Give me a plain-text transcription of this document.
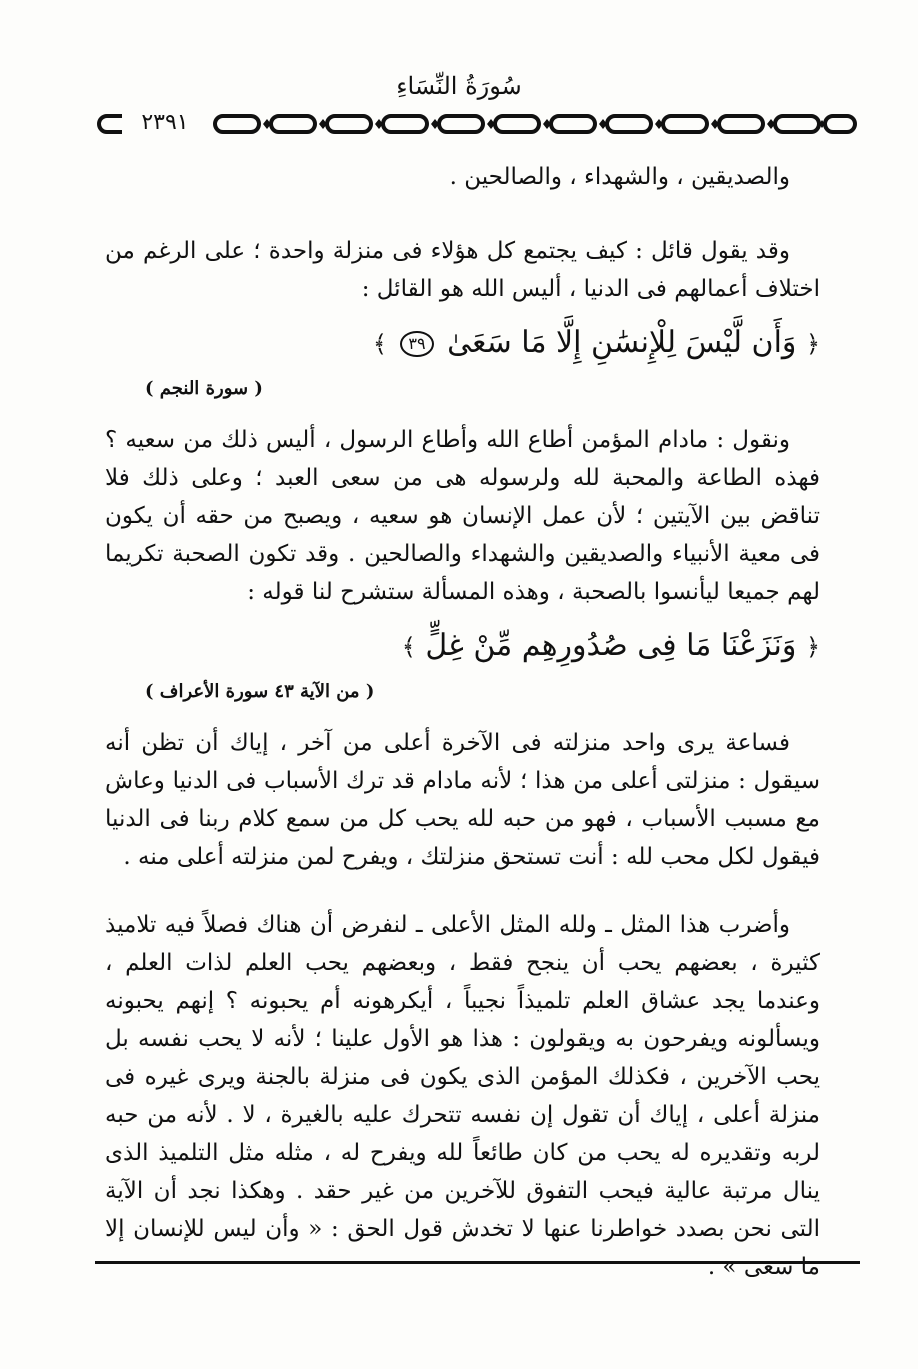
سُورَةُ النِّسَاءِ
٢٣٩١

والصديقين ، والشهداء ، والصالحين .

وقد يقول قائل : كيف يجتمع كل هؤلاء فى منزلة واحدة ؛ على الرغم من اختلاف أعمالهم فى الدنيا ، أليس الله هو القائل :

﴿ وَأَن لَّيْسَ لِلْإِنسَٰنِ إِلَّا مَا سَعَىٰ ٣٩ ﴾
( سورة النجم )

ونقول : مادام المؤمن أطاع الله وأطاع الرسول ، أليس ذلك من سعيه ؟ فهذه الطاعة والمحبة لله ولرسوله هى من سعى العبد ؛ وعلى ذلك فلا تناقض بين الآيتين ؛ لأن عمل الإنسان هو سعيه ، ويصبح من حقه أن يكون فى معية الأنبياء والصديقين والشهداء والصالحين . وقد تكون الصحبة تكريما لهم جميعا ليأنسوا بالصحبة ، وهذه المسألة ستشرح لنا قوله :

﴿ وَنَزَعْنَا مَا فِى صُدُورِهِم مِّنْ غِلٍّ ﴾
( من الآية ٤٣ سورة الأعراف )

فساعة يرى واحد منزلته فى الآخرة أعلى من آخر ، إياك أن تظن أنه سيقول : منزلتى أعلى من هذا ؛ لأنه مادام قد ترك الأسباب فى الدنيا وعاش مع مسبب الأسباب ، فهو من حبه لله يحب كل من سمع كلام ربنا فى الدنيا فيقول لكل محب لله : أنت تستحق منزلتك ، ويفرح لمن منزلته أعلى منه .

وأضرب هذا المثل ـ ولله المثل الأعلى ـ لنفرض أن هناك فصلاً فيه تلاميذ كثيرة ، بعضهم يحب أن ينجح فقط ، وبعضهم يحب العلم لذات العلم ، وعندما يجد عشاق العلم تلميذاً نجيباً ، أيكرهونه أم يحبونه ؟ إنهم يحبونه ويسألونه ويفرحون به ويقولون : هذا هو الأول علينا ؛ لأنه لا يحب نفسه بل يحب الآخرين ، فكذلك المؤمن الذى يكون فى منزلة بالجنة ويرى غيره فى منزلة أعلى ، إياك أن تقول إن نفسه تتحرك عليه بالغيرة ، لا . لأنه من حبه لربه وتقديره له يحب من كان طائعاً لله ويفرح له ، مثله مثل التلميذ الذى ينال مرتبة عالية فيحب التفوق للآخرين من غير حقد . وهكذا نجد أن الآية التى نحن بصدد خواطرنا عنها لا تخدش قول الحق : « وأن ليس للإنسان إلا ما سعى » .
